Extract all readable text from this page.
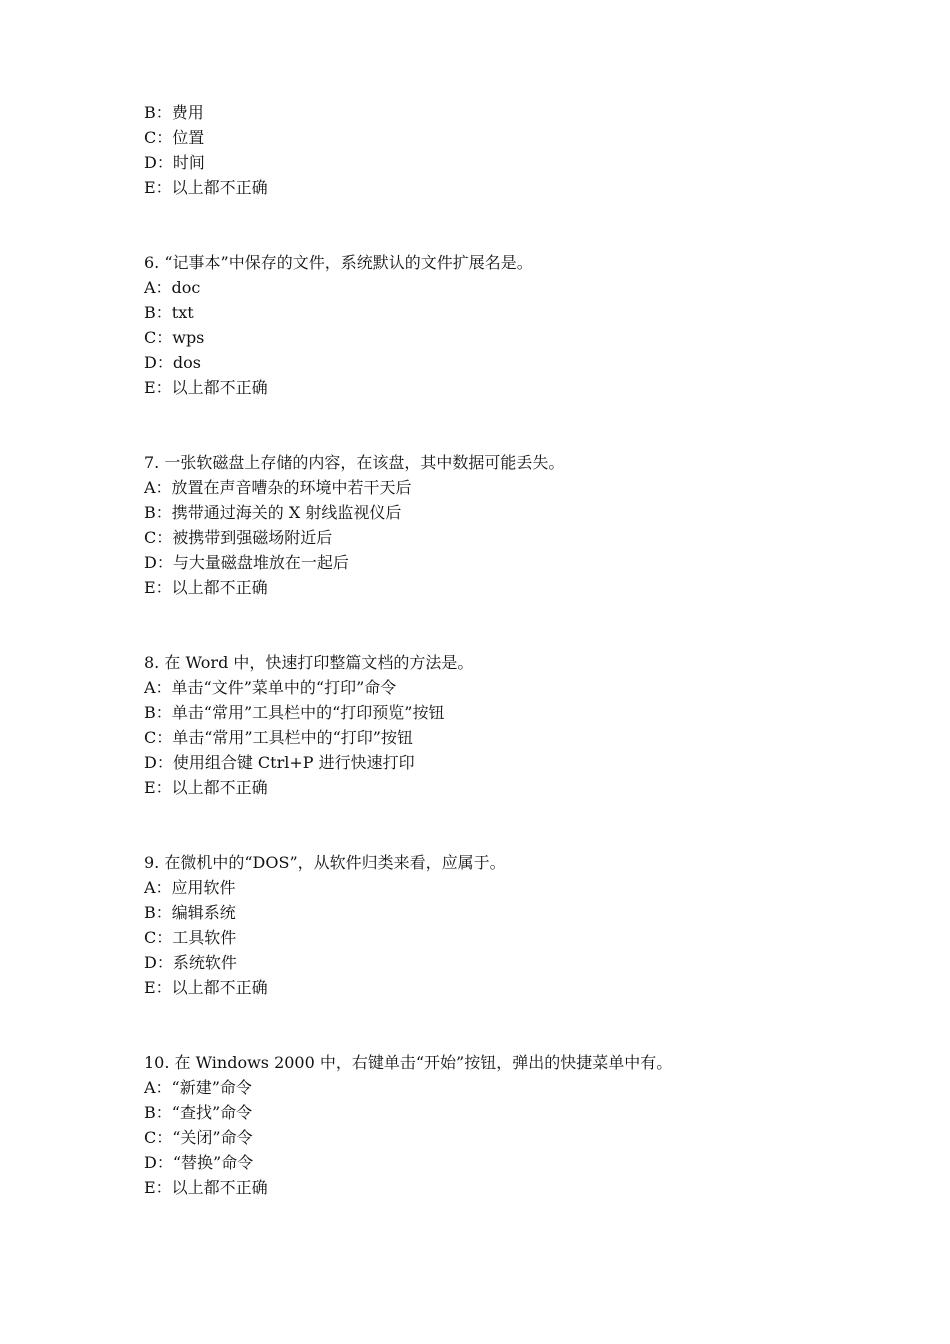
B：费用
C：位置
D：时间
E：以上都不正确
6. “记事本”中保存的文件，系统默认的文件扩展名是。
A：doc
B：txt
C：wps
D：dos
E：以上都不正确
7. 一张软磁盘上存储的内容，在该盘，其中数据可能丢失。
A：放置在声音嘈杂的环境中若干天后
B：携带通过海关的 X 射线监视仪后
C：被携带到强磁场附近后
D：与大量磁盘堆放在一起后
E：以上都不正确
8. 在 Word 中，快速打印整篇文档的方法是。
A：单击“文件”菜单中的“打印”命令
B：单击“常用”工具栏中的“打印预览”按钮
C：单击“常用”工具栏中的“打印”按钮
D：使用组合键 Ctrl+P 进行快速打印
E：以上都不正确
9. 在微机中的“DOS”，从软件归类来看，应属于。
A：应用软件
B：编辑系统
C：工具软件
D：系统软件
E：以上都不正确
10. 在 Windows 2000 中，右键单击“开始”按钮，弹出的快捷菜单中有。
A：“新建”命令
B：“查找”命令
C：“关闭”命令
D：“替换”命令
E：以上都不正确
